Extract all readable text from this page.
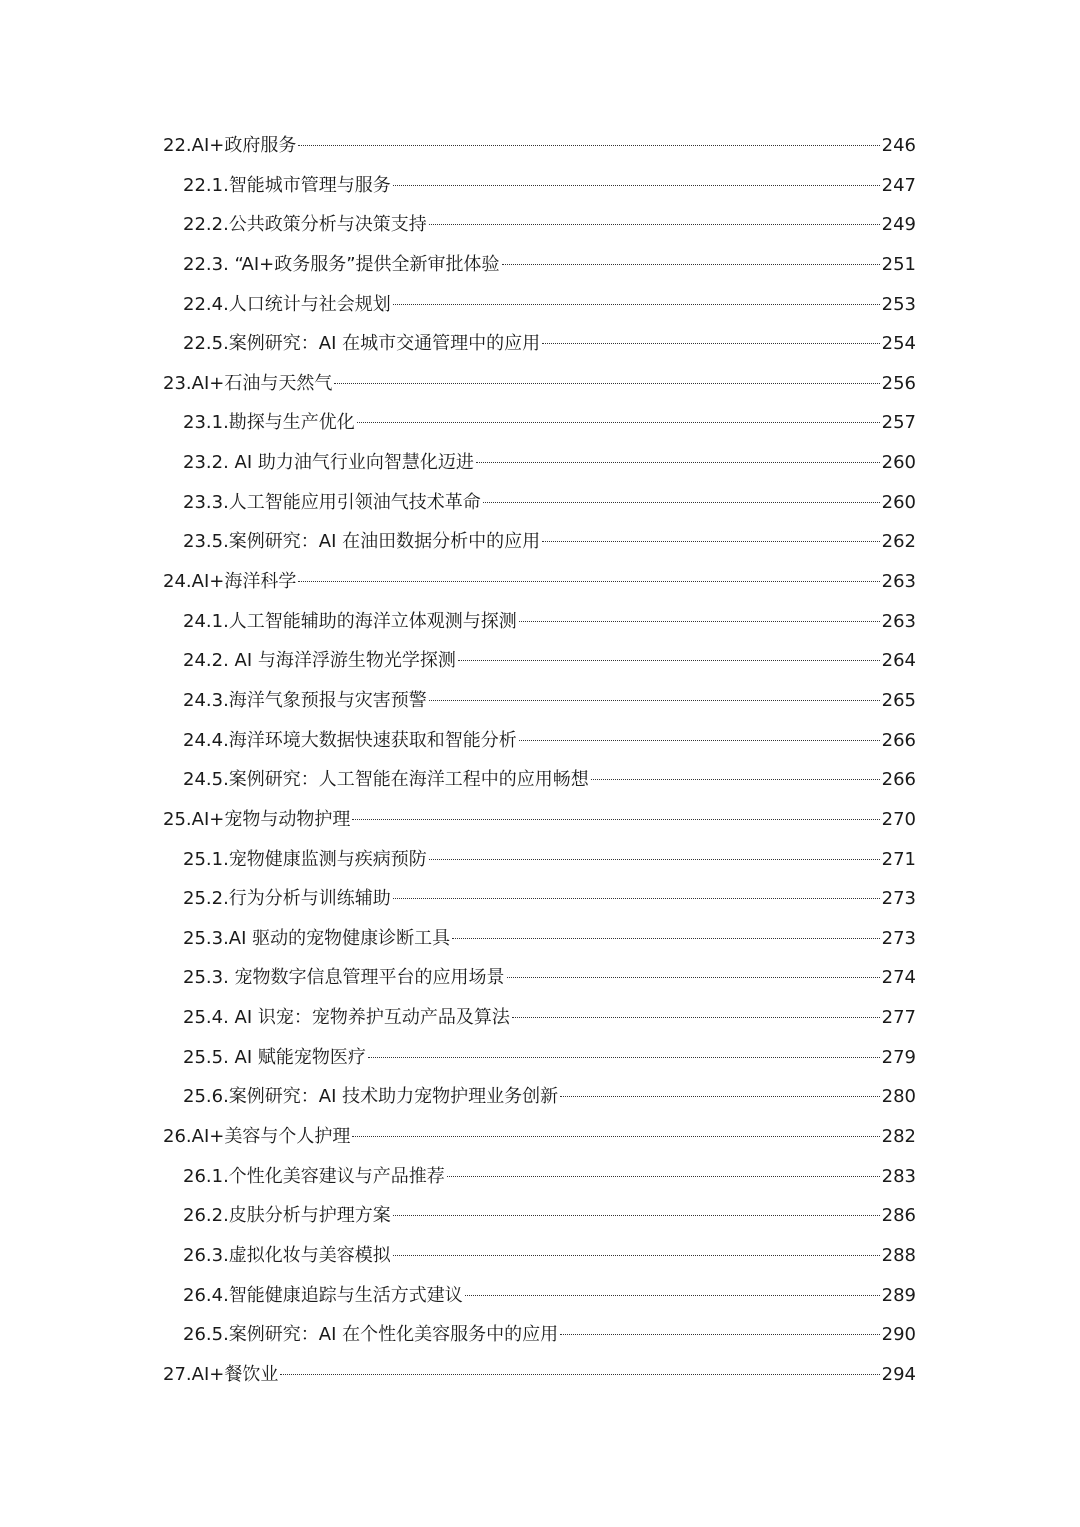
22.AI+政府服务	246
22.1.智能城市管理与服务	247
22.2.公共政策分析与决策支持	249
22.3. “AI+政务服务”提供全新审批体验	251
22.4.人口统计与社会规划	253
22.5.案例研究：AI 在城市交通管理中的应用	254
23.AI+石油与天然气	256
23.1.勘探与生产优化	257
23.2. AI 助力油气行业向智慧化迈进	260
23.3.人工智能应用引领油气技术革命	260
23.5.案例研究：AI 在油田数据分析中的应用	262
24.AI+海洋科学	263
24.1.人工智能辅助的海洋立体观测与探测	263
24.2. AI 与海洋浮游生物光学探测	264
24.3.海洋气象预报与灾害预警	265
24.4.海洋环境大数据快速获取和智能分析	266
24.5.案例研究：人工智能在海洋工程中的应用畅想	266
25.AI+宠物与动物护理	270
25.1.宠物健康监测与疾病预防	271
25.2.行为分析与训练辅助	273
25.3.AI 驱动的宠物健康诊断工具	273
25.3. 宠物数字信息管理平台的应用场景	274
25.4. AI 识宠：宠物养护互动产品及算法	277
25.5. AI 赋能宠物医疗	279
25.6.案例研究：AI 技术助力宠物护理业务创新	280
26.AI+美容与个人护理	282
26.1.个性化美容建议与产品推荐	283
26.2.皮肤分析与护理方案	286
26.3.虚拟化妆与美容模拟	288
26.4.智能健康追踪与生活方式建议	289
26.5.案例研究：AI 在个性化美容服务中的应用	290
27.AI+餐饮业	294
